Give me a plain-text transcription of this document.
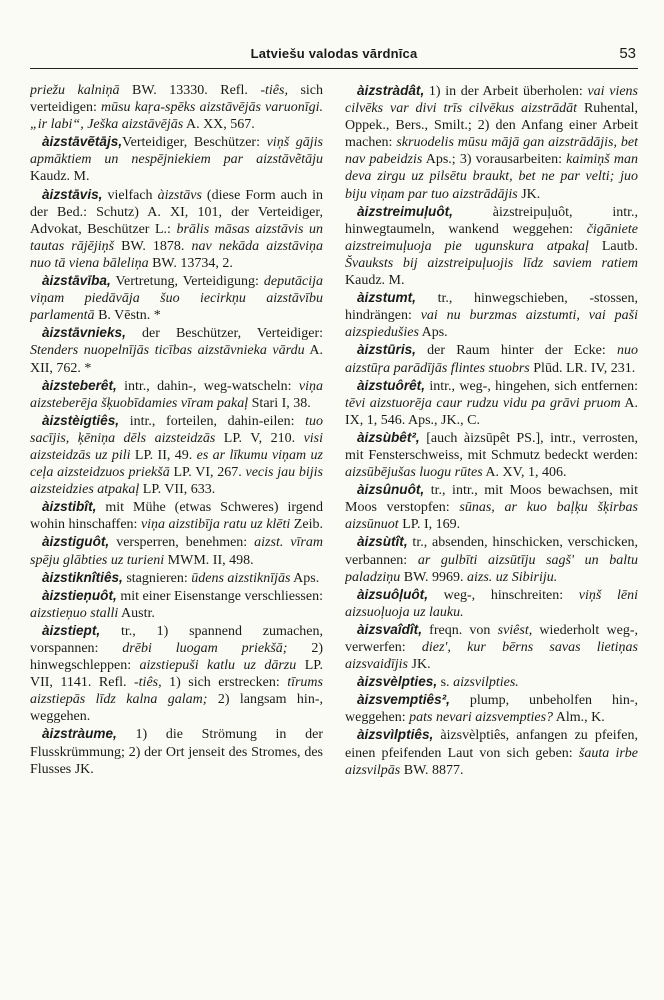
Latviešu valodas vārdnīca	53

priežu kalniņā BW. 13330. Refl. -tiês, sich verteidigen: mūsu kaŗa-spēks aizstāvējās varuonīgi. „ir labi“, Ješka aizstāvējās A. XX, 567.

àizstāvẽtājs,Verteidiger, Beschützer: viņš gājis apmāktiem un nespējniekiem par aizstāvẽtāju Kaudz. M.

àizstāvis, vielfach àizstāvs (diese Form auch in der Bed.: Schutz) A. XI, 101, der Verteidiger, Advokat, Beschützer L.: brālis māsas aizstāvis un tautas rājējiņš BW. 1878. nav nekāda aizstāviņa nuo tā viena bāleliņa BW. 13734, 2.

àizstāvība, Vertretung, Verteidigung: deputācija viņam piedāvāja šuo iecirkņu aizstāvību parlamentā B. Vēstn. *

àizstāvnieks, der Beschützer, Verteidiger: Stenders nuopelnījās ticības aizstāvnieka vārdu A. XII, 762. *

àizsteberêt, intr., dahin-, weg-watscheln: viņa aizsteberēja šķuobīdamies vīram pakaļ Stari I, 38.

àizstèigtiês, intr., forteilen, dahin-eilen: tuo sacījis, ķēniņa dēls aizsteidzās LP. V, 210. visi aizsteidzās uz pili LP. II, 49. es ar līkumu viņam uz ceļa aizsteidzuos priekšā LP. VI, 267. vecis jau bijis aizsteidzies atpakaļ LP. VII, 633.

àizstibît, mit Mühe (etwas Schweres) irgend wohin hinschaffen: viņa aizstibīja ratu uz klēti Zeib.

àizstiguôt, versperren, benehmen: aizst. vīram spēju glābties uz turieni MWM. II, 498.

àizstiknîtiês, stagnieren: ūdens aizstiknījās Aps.

àizstieņuôt, mit einer Eisenstange verschliessen: aizstieņuo stalli Austr.

àizstiept, tr., 1) spannend zumachen, vorspannen: drēbi luogam priekšā; 2) hinwegschleppen: aizstiepuši katlu uz dārzu LP. VII, 1141. Refl. -tiês, 1) sich erstrecken: tīrums aizstiepās līdz kalna galam; 2) langsam hin-, weggehen.

àizstràume, 1) die Strömung in der Flusskrümmung; 2) der Ort jenseit des Stromes, des Flusses JK.

àizstràdât, 1) in der Arbeit überholen: vai viens cilvēks var divi trīs cilvēkus aizstrādāt Ruhental, Oppek., Bers., Smilt.; 2) den Anfang einer Arbeit machen: skruodelis mūsu mājā gan aizstrādājis, bet nav pabeidzis Aps.; 3) vorausarbeiten: kaimiņš man deva zirgu uz pilsētu braukt, bet ne par velti; juo biju viņam par tuo aizstrādājis JK.

àizstreimuļuôt, àizstreipuļuôt, intr., hinwegtaumeln, wankend weggehen: čigāniete aizstreimuļuoja pie ugunskura atpakaļ Lautb. Švauksts bij aizstreipuļuojis līdz saviem ratiem Kaudz. M.

àizstumt, tr., hinwegschieben, -stossen, hindrängen: vai nu burzmas aizstumti, vai paši aizspiedušies Aps.

àizstūris, der Raum hinter der Ecke: nuo aizstūŗa parādījās flintes stuobrs Plūd. LR. IV, 231.

àizstuôrêt, intr., weg-, hingehen, sich entfernen: tēvi aizstuorēja caur rudzu vidu pa grāvi pruom A. IX, 1, 546. Aps., JK., C.

àizsùbêt², [auch àizsūpêt PS.], intr., verrosten, mit Fensterschweiss, mit Schmutz bedeckt werden: aizsūbējušas luogu rūtes A. XV, 1, 406.

àizsûnuôt, tr., intr., mit Moos bewachsen, mit Moos verstopfen: sūnas, ar kuo baļķu šķirbas aizsūnuot LP. I, 169.

àizsùtît, tr., absenden, hinschicken, verschicken, verbannen: ar gulbīti aizsūtīju sagš' un baltu paladziņu BW. 9969. aizs. uz Sibiriju.

àizsuôļuôt, weg-, hinschreiten: viņš lēni aizsuoļuoja uz lauku.

àizsvaîdît, freqn. von sviêst, wiederholt weg-, verwerfen: diez', kur bērns savas lietiņas aizsvaidījis JK.

àizsvèlpties, s. aizsvilpties.

àizsvemptiês², plump, unbeholfen hin-, weggehen: pats nevari aizsvempties? Alm., K.

àizsvìlptiês, àizsvèlptiês, anfangen zu pfeifen, einen pfeifenden Laut von sich geben: šauta irbe aizsvilpās BW. 8877.
